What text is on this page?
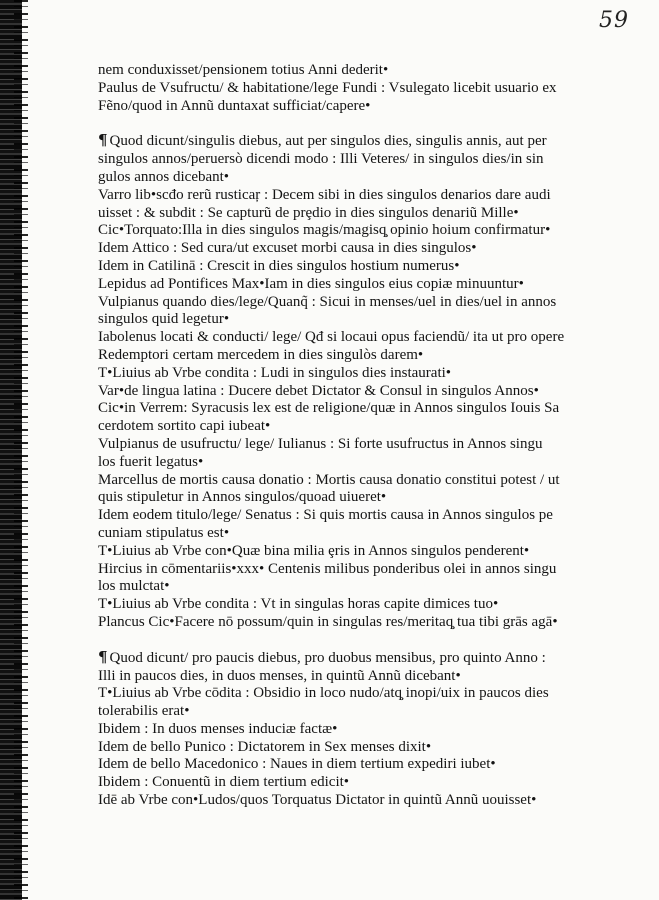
59
nem conduxisset/pensionem totius Anni dederit•
Paulus de Vsufructu/ & habitatione/lege Fundi : Vsulegato licebit usuario ex
Fẽno/quod in Annũ duntaxat sufficiat/capere•
¶ Quod dicunt/singulis diebus, aut per singulos dies, singulis annis, aut per
singulos annos/peruersò dicendi modo : Illi Veteres/ in singulos dies/in sin
gulos annos dicebant•
Varro lib•scđo rerũ rusticaŗ : Decem sibi in dies singulos denarios dare audi
uisset : & subdit : Se capturũ de prȩdio in dies singulos denariũ Mille•
Cic•Torquato:Illa in dies singulos magis/magisq̧ opinio hoium confirmatur•
Idem Attico : Sed cura/ut excuset morbi causa in dies singulos•
Idem in Catilinā : Crescit in dies singulos hostium numerus•
Lepidus ad Pontifices Max•Iam in dies singulos eius copiæ minuuntur•
Vulpianus quando dies/lege/Quanq̃ : Sicui in menses/uel in dies/uel in annos
singulos quid legetur•
Iabolenus locati & conducti/ lege/ Qđ si locaui opus faciendũ/ ita ut pro opere
Redemptori certam mercedem in dies singulòs darem•
T•Liuius ab Vrbe condita : Ludi in singulos dies instaurati•
Var•de lingua latina : Ducere debet Dictator & Consul in singulos Annos•
Cic•in Verrem: Syracusis lex est de religione/quæ in Annos singulos Iouis Sa
cerdotem sortito capi iubeat•
Vulpianus de usufructu/ lege/ Iulianus : Si forte usufructus in Annos singu
los fuerit legatus•
Marcellus de mortis causa donatio : Mortis causa donatio constitui potest / ut
quis stipuletur in Annos singulos/quoad uiueret•
Idem eodem titulo/lege/ Senatus : Si quis mortis causa in Annos singulos pe
cuniam stipulatus est•
T•Liuius ab Vrbe con•Quæ bina milia ȩris in Annos singulos penderent•
Hircius in cōmentariis•xxx• Centenis milibus ponderibus olei in annos singu
los mulctat•
T•Liuius ab Vrbe condita : Vt in singulas horas capite dimices tuo•
Plancus Cic•Facere nō possum/quin in singulas res/meritaq̧ tua tibi grās agā•
¶ Quod dicunt/ pro paucis diebus, pro duobus mensibus, pro quinto Anno :
Illi in paucos dies, in duos menses, in quintũ Annũ dicebant•
T•Liuius ab Vrbe cōdita : Obsidio in loco nudo/atq̧ inopi/uix in paucos dies
tolerabilis erat•
Ibidem : In duos menses induciæ factæ•
Idem de bello Punico : Dictatorem in Sex menses dixit•
Idem de bello Macedonico : Naues in diem tertium expediri iubet•
Ibidem : Conuentũ in diem tertium edicit•
Idē ab Vrbe con•Ludos/quos Torquatus Dictator in quintũ Annũ uouisset•
